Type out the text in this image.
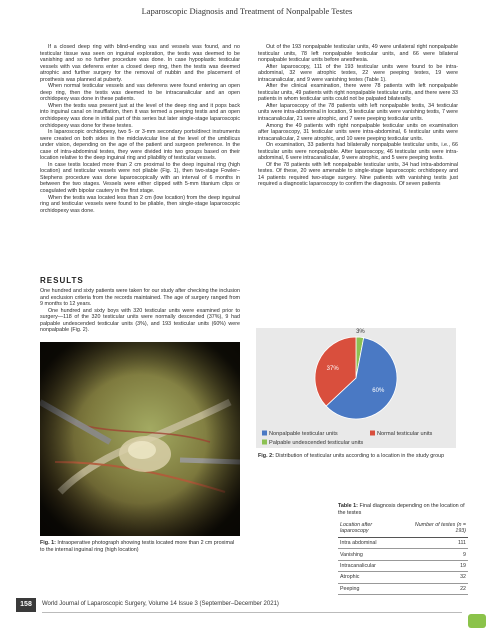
Laparoscopic Diagnosis and Treatment of Nonpalpable Testes

If a closed deep ring with blind-ending vas and vessels was found, and no testicular tissue was seen on inguinal exploration, the testis was deemed to be vanishing and so no further procedure was done. In case hypoplastic testicular vessels with vas deferens enter a closed deep ring, then the testis was deemed atrophic and further surgery for the removal of nubbin and the placement of prosthesis was planned at puberty.

When normal testicular vessels and vas deferens were found entering an open deep ring, then the testis was deemed to be intracanalicular and an open orchidopexy was done in these patients.

When the testis was present just at the level of the deep ring and it pops back into inguinal canal on insufflation, then it was termed a peeping testis and an open orchidopexy was done in initial part of this series but later single-stage laparoscopic orchidopexy was done for these testes.

In laparoscopic orchidopexy, two 5- or 3-mm secondary ports/direct instruments were created on both sides in the midclavicular line at the level of the umbilicus under vision, depending on the age of the patient and surgeon preference. In the case of intra-abdominal testes, they were divided into two groups based on their location relative to the deep inguinal ring and pliability of testicular vessels.

In case testis located more than 2 cm proximal to the deep inguinal ring (high location) and testicular vessels were not pliable (Fig. 1), then two-stage Fowler–Stephens procedure was done laparoscopically with an interval of 6 months in between the two stages. Vessels were either clipped with 5-mm titanium clips or coagulated with bipolar cautery in the first stage.

When the testis was located less than 2 cm (low location) from the deep inguinal ring and testicular vessels were found to be pliable, then single-stage laparoscopic orchidopexy was done.

RESULTS

One hundred and sixty patients were taken for our study after checking the inclusion and exclusion criteria from the records maintained. The age of surgery ranged from 9 months to 12 years.

One hundred and sixty boys with 320 testicular units were examined prior to surgery—118 of the 320 testicular units were normally descended (37%), 9 had palpable undescended testicular units (3%), and 193 testicular units (60%) were nonpalpable (Fig. 2).

Fig. 1: Intraoperative photograph showing testis located more than 2 cm proximal to the internal inguinal ring (high location)

Out of the 193 nonpalpable testicular units, 49 were unilateral right nonpalpable testicular units, 78 left nonpalpable testicular units, and 66 were bilateral nonpalpable testicular units before anesthesia.

After laparoscopy, 111 of the 193 testicular units were found to be intra-abdominal, 32 were atrophic testes, 22 were peeping testes, 19 were intracanalicular, and 9 were vanishing testes (Table 1).

After the clinical examination, there were 78 patients with left nonpalpable testicular units, 49 patients with right nonpalpable testicular units, and there were 33 patients in whom testicular units could not be palpated bilaterally.

After laparoscopy of the 78 patients with left nonpalpable testis, 34 testicular units were intra-abdominal in location, 9 testicular units were vanishing testis, 7 were intracanalicular, 21 were atrophic, and 7 were peeping testicular units.

Among the 49 patients with right nonpalpable testicular units on examination after laparoscopy, 31 testicular units were intra-abdominal, 6 testicular units were intracanalicular, 2 were atrophic, and 10 were peeping testicular units.

On examination, 33 patients had bilaterally nonpalpable testicular units, i.e., 66 testicular units were nonpalpable. After laparoscopy, 46 testicular units were intra-abdominal, 6 were intracanalicular, 9 were atrophic, and 5 were peeping testis.

Of the 78 patients with left nonpalpable testicular units, 34 had intra-abdominal testes. Of these, 20 were amenable to single-stage laparoscopic orchidopexy and 14 patients required two-stage surgery. Nine patients with vanishing testis just required a diagnostic laparoscopy to confirm the diagnosis. Of seven patients

3%
60%
37%
Nonpalpable testicular units	Normal testicular units
Palpable undescended testicular units
Fig. 2: Distribution of testicular units according to a location in the study group
Table 1: Final diagnosis depending on the location of the testes
Location after laparoscopy	Number of testes (n = 193)
Intra abdominal	111
Vanishing	9
Intracanalicular	19
Atrophic	32
Peeping	22
158	World Journal of Laparoscopic Surgery, Volume 14 Issue 3 (September–December 2021)
